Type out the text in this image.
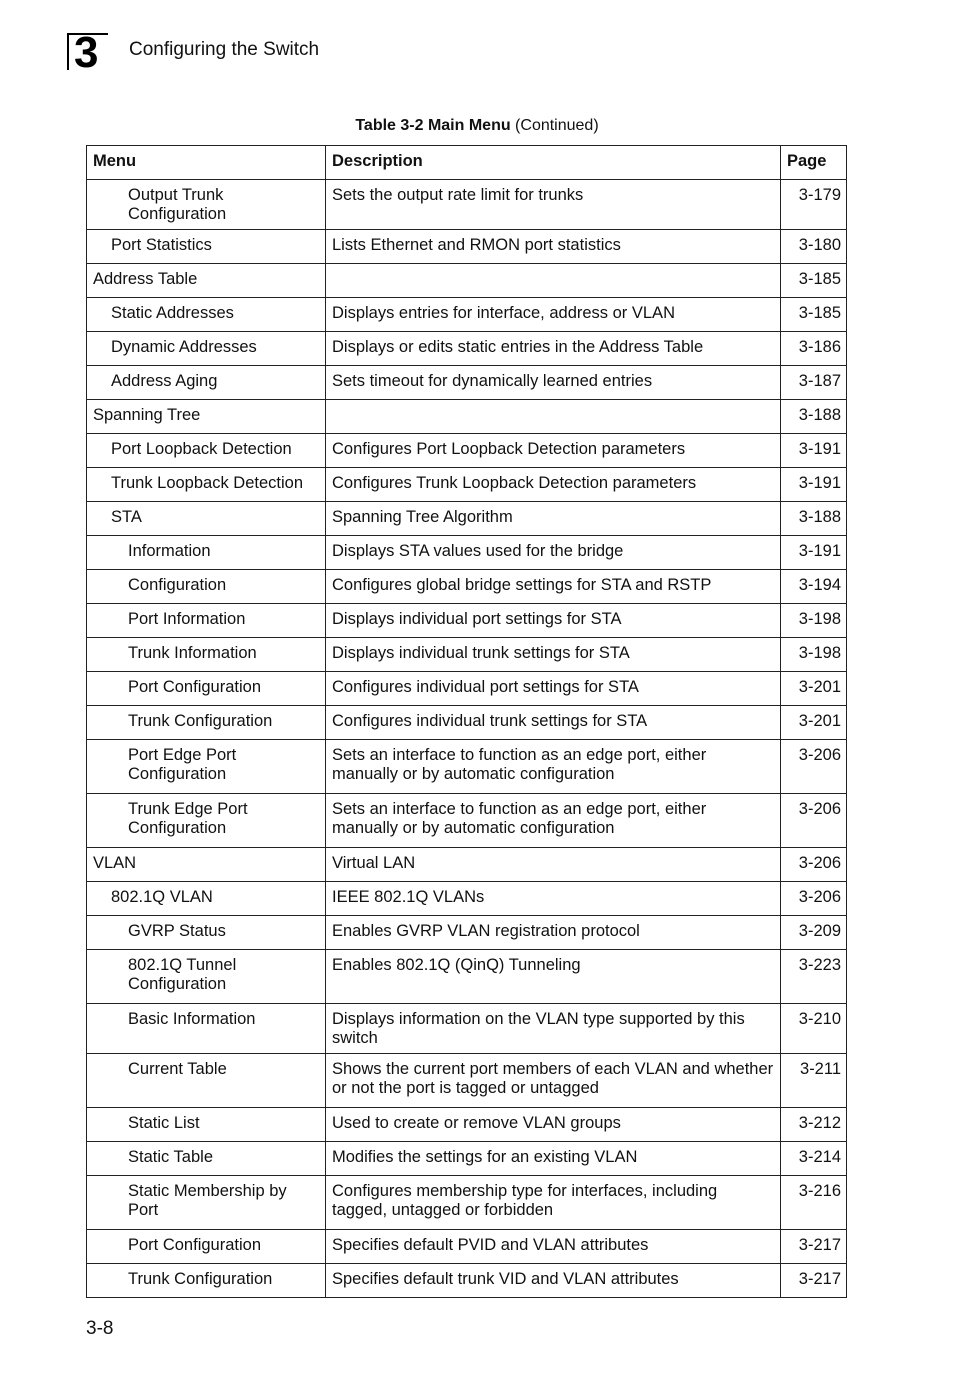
3 Configuring the Switch
Table 3-2 Main Menu (Continued)
Menu	Description	Page
Output Trunk Configuration	Sets the output rate limit for trunks	3-179
Port Statistics	Lists Ethernet and RMON port statistics	3-180
Address Table		3-185
Static Addresses	Displays entries for interface, address or VLAN	3-185
Dynamic Addresses	Displays or edits static entries in the Address Table	3-186
Address Aging	Sets timeout for dynamically learned entries	3-187
Spanning Tree		3-188
Port Loopback Detection	Configures Port Loopback Detection parameters	3-191
Trunk Loopback Detection	Configures Trunk Loopback Detection parameters	3-191
STA	Spanning Tree Algorithm	3-188
Information	Displays STA values used for the bridge	3-191
Configuration	Configures global bridge settings for STA and RSTP	3-194
Port Information	Displays individual port settings for STA	3-198
Trunk Information	Displays individual trunk settings for STA	3-198
Port Configuration	Configures individual port settings for STA	3-201
Trunk Configuration	Configures individual trunk settings for STA	3-201
Port Edge Port Configuration	Sets an interface to function as an edge port, either manually or by automatic configuration	3-206
Trunk Edge Port Configuration	Sets an interface to function as an edge port, either manually or by automatic configuration	3-206
VLAN	Virtual LAN	3-206
802.1Q VLAN	IEEE 802.1Q VLANs	3-206
GVRP Status	Enables GVRP VLAN registration protocol	3-209
802.1Q Tunnel Configuration	Enables 802.1Q (QinQ) Tunneling	3-223
Basic Information	Displays information on the VLAN type supported by this switch	3-210
Current Table	Shows the current port members of each VLAN and whether or not the port is tagged or untagged	3-211
Static List	Used to create or remove VLAN groups	3-212
Static Table	Modifies the settings for an existing VLAN	3-214
Static Membership by Port	Configures membership type for interfaces, including tagged, untagged or forbidden	3-216
Port Configuration	Specifies default PVID and VLAN attributes	3-217
Trunk Configuration	Specifies default trunk VID and VLAN attributes	3-217
3-8
